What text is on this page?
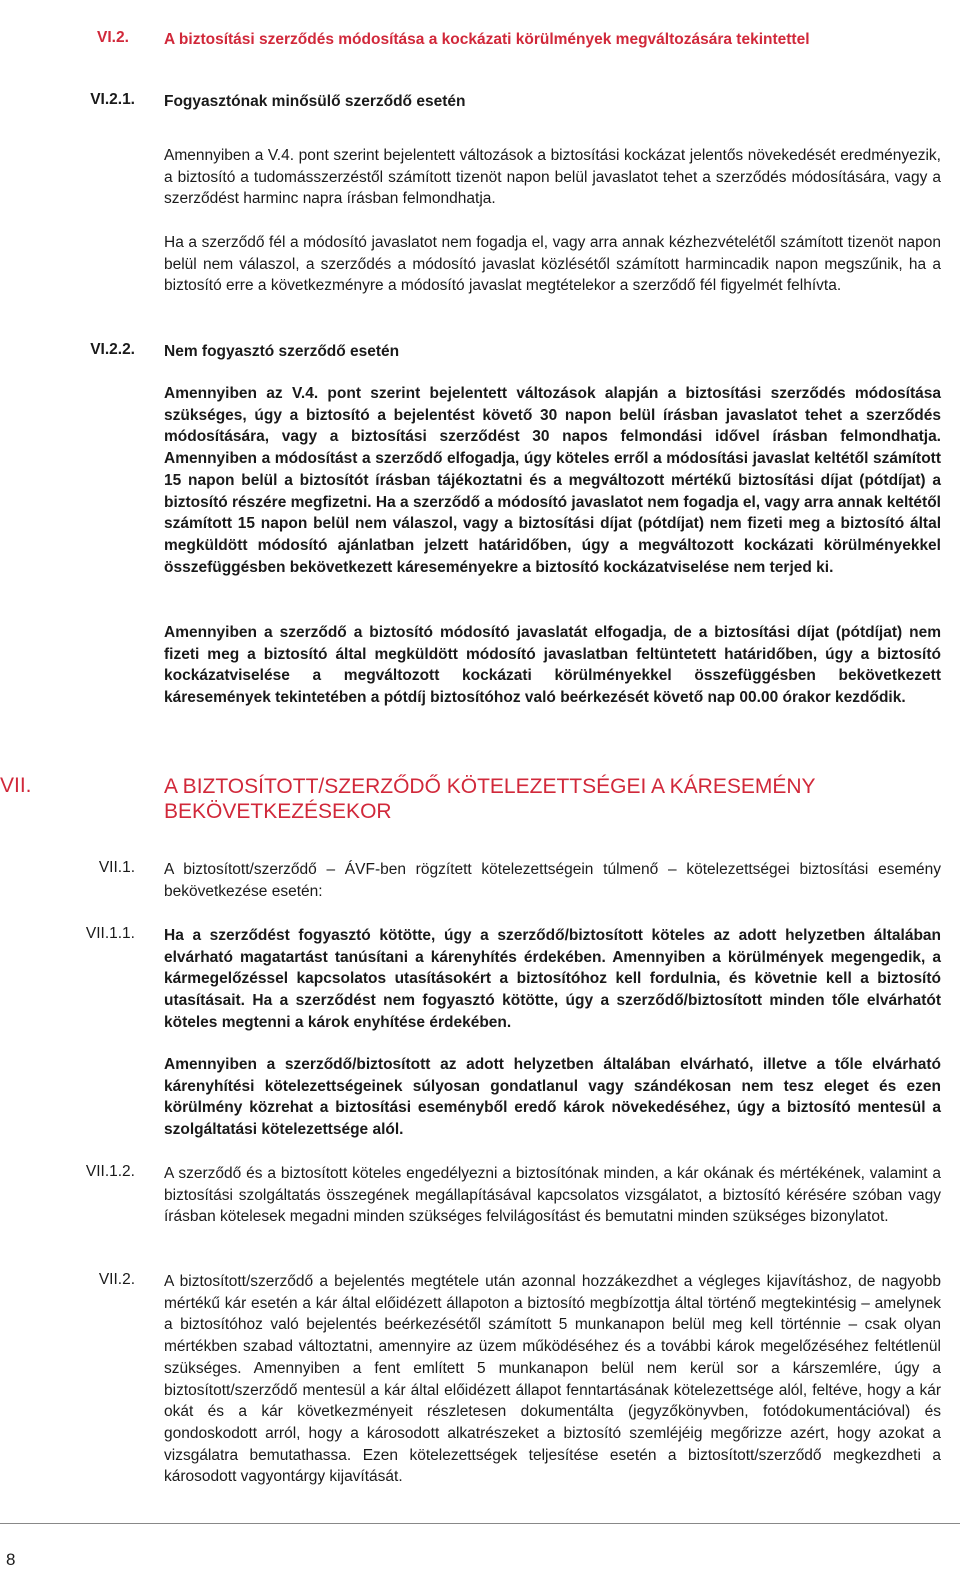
VI.2.	A biztosítási szerződés módosítása a kockázati körülmények megváltozására tekintettel
VI.2.1. Fogyasztónak minősülő szerződő esetén
Amennyiben a V.4. pont szerint bejelentett változások a biztosítási kockázat jelentős növekedését eredményezik, a biztosító a tudomásszerzéstől számított tizenöt napon belül javaslatot tehet a szerződés módosítására, vagy a szerződést harminc napra írásban felmondhatja.
Ha a szerződő fél a módosító javaslatot nem fogadja el, vagy arra annak kézhezvételétől számított tizenöt napon belül nem válaszol, a szerződés a módosító javaslat közlésétől számított harmincadik napon megszűnik, ha a biztosító erre a következményre a módosító javaslat megtételekor a szerződő fél figyelmét felhívta.
VI.2.2. Nem fogyasztó szerződő esetén
Amennyiben az V.4. pont szerint bejelentett változások alapján a biztosítási szerződés módosítása szükséges, úgy a biztosító a bejelentést követő 30 napon belül írásban javaslatot tehet a szerződés módosítására, vagy a biztosítási szerződést 30 napos felmondási idővel írásban felmondhatja. Amennyiben a módosítást a szerződő elfogadja, úgy köteles erről a módosítási javaslat keltétől számított 15 napon belül a biztosítót írásban tájékoztatni és a megváltozott mértékű biztosítási díjat (pótdíjat) a biztosító részére megfizetni. Ha a szerződő a módosító javaslatot nem fogadja el, vagy arra annak keltétől számított 15 napon belül nem válaszol, vagy a biztosítási díjat (pótdíjat) nem fizeti meg a biztosító által megküldött módosító ajánlatban jelzett határidőben, úgy a megváltozott kockázati körülményekkel összefüggésben bekövetkezett káreseményekre a biztosító kockázatviselése nem terjed ki.
Amennyiben a szerződő a biztosító módosító javaslatát elfogadja, de a biztosítási díjat (pótdíjat) nem fizeti meg a biztosító által megküldött módosító javaslatban feltüntetett határidőben, úgy a biztosító kockázatviselése a megváltozott kockázati körülményekkel összefüggésben bekövetkezett káresemények tekintetében a pótdíj biztosítóhoz való beérkezését követő nap 00.00 órakor kezdődik.
VII.	A BIZTOSÍTOTT/SZERZŐDŐ KÖTELEZETTSÉGEI A KÁRESEMÉNY
BEKÖVETKEZÉSEKOR
VII.1. A biztosított/szerződő – ÁVF-ben rögzített kötelezettségein túlmenő – kötelezettségei biztosítási esemény bekövetkezése esetén:
VII.1.1. Ha a szerződést fogyasztó kötötte, úgy a szerződő/biztosított köteles az adott helyzetben általában elvárható magatartást tanúsítani a kárenyhítés érdekében. Amennyiben a körülmények megengedik, a kármegelőzéssel kapcsolatos utasításokért a biztosítóhoz kell fordulnia, és követnie kell a biztosító utasításait. Ha a szerződést nem fogyasztó kötötte, úgy a szerződő/biztosított minden tőle elvárhatót köteles megtenni a károk enyhítése érdekében.
Amennyiben a szerződő/biztosított az adott helyzetben általában elvárható, illetve a tőle elvárható kárenyhítési kötelezettségeinek súlyosan gondatlanul vagy szándékosan nem tesz eleget és ezen körülmény közrehat a biztosítási eseményből eredő károk növekedéséhez, úgy a biztosító mentesül a szolgáltatási kötelezettsége alól.
VII.1.2. A szerződő és a biztosított köteles engedélyezni a biztosítónak minden, a kár okának és mértékének, valamint a biztosítási szolgáltatás összegének megállapításával kapcsolatos vizsgálatot, a biztosító kérésére szóban vagy írásban kötelesek megadni minden szükséges felvilágosítást és bemutatni minden szükséges bizonylatot.
VII.2. A biztosított/szerződő a bejelentés megtétele után azonnal hozzákezdhet a végleges kijavításhoz, de nagyobb mértékű kár esetén a kár által előidézett állapoton a biztosító megbízottja által történő megtekintésig – amelynek a biztosítóhoz való bejelentés beérkezésétől számított 5 munkanapon belül meg kell történnie – csak olyan mértékben szabad változtatni, amennyire az üzem működéséhez és a további károk megelőzéséhez feltétlenül szükséges. Amennyiben a fent említett 5 munkanapon belül nem kerül sor a kárszemlére, úgy a biztosított/szerződő mentesül a kár által előidézett állapot fenntartásának kötelezettsége alól, feltéve, hogy a kár okát és a kár következményeit részletesen dokumentálta (jegyzőkönyvben, fotódokumentációval) és gondoskodott arról, hogy a károsodott alkatrészeket a biztosító szemléjéig megőrizze azért, hogy azokat a vizsgálatra bemutathassa. Ezen kötelezettségek teljesítése esetén a biztosított/szerződő megkezdheti a károsodott vagyontárgy kijavítását.
8
